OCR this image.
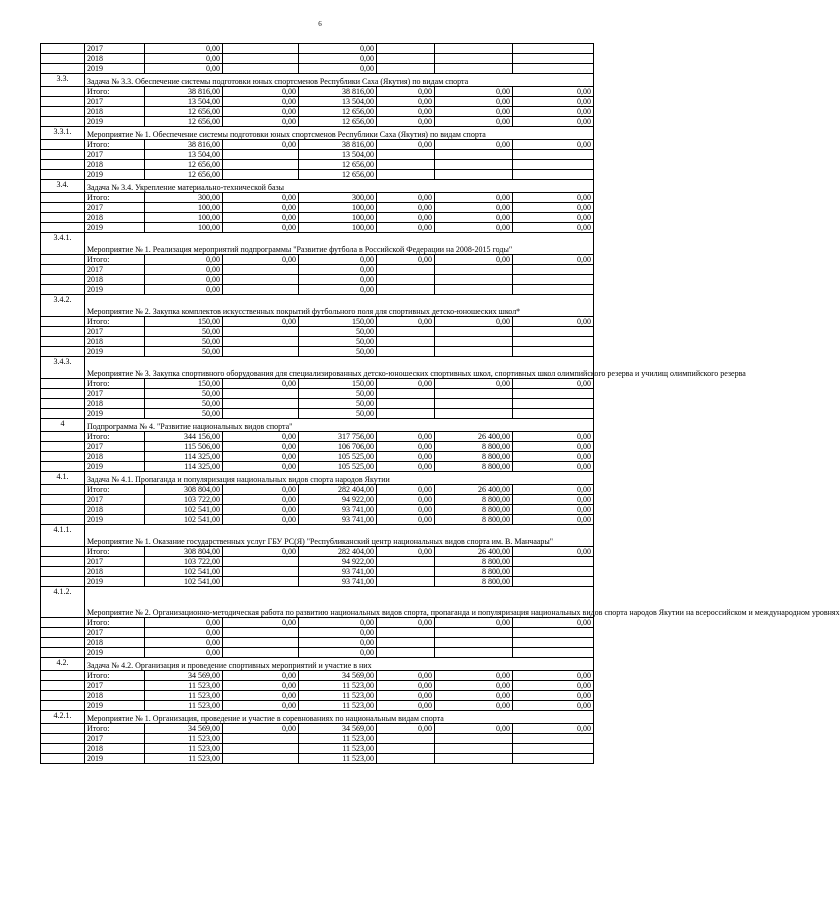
6
	2017	0,00		0,00			
	2018	0,00		0,00			
	2019	0,00		0,00			
3.3.	Задача № 3.3. Обеспечение системы подготовки юных спортсменов Республики Саха (Якутия) по видам спорта						
	Итого:	38 816,00	0,00	38 816,00	0,00	0,00	0,00
	2017	13 504,00	0,00	13 504,00	0,00	0,00	0,00
	2018	12 656,00	0,00	12 656,00	0,00	0,00	0,00
	2019	12 656,00	0,00	12 656,00	0,00	0,00	0,00
3.3.1.	Мероприятие № 1. Обеспечение системы подготовки юных спортсменов Республики Саха (Якутия) по видам спорта						
	Итого:	38 816,00	0,00	38 816,00	0,00	0,00	0,00
	2017	13 504,00		13 504,00			
	2018	12 656,00		12 656,00			
	2019	12 656,00		12 656,00			
3.4.	Задача № 3.4. Укрепление материально-технической базы						
	Итого:	300,00	0,00	300,00	0,00	0,00	0,00
	2017	100,00	0,00	100,00	0,00	0,00	0,00
	2018	100,00	0,00	100,00	0,00	0,00	0,00
	2019	100,00	0,00	100,00	0,00	0,00	0,00
3.4.1.	Мероприятие № 1. Реализация мероприятий подпрограммы "Развитие футбола в Российской Федерации на 2008-2015 годы"						
	Итого:	0,00	0,00	0,00	0,00	0,00	0,00
	2017	0,00		0,00			
	2018	0,00		0,00			
	2019	0,00		0,00			
3.4.2.	Мероприятие № 2. Закупка комплектов искусственных покрытий футбольного поля для спортивных детско-юношеских школ*						
	Итого:	150,00	0,00	150,00	0,00	0,00	0,00
	2017	50,00		50,00			
	2018	50,00		50,00			
	2019	50,00		50,00			
3.4.3.	Мероприятие № 3. Закупка спортивного оборудования для специализированных детско-юношеских спортивных школ, спортивных школ олимпийского резерва и училищ олимпийского резерва						
	Итого:	150,00	0,00	150,00	0,00	0,00	0,00
	2017	50,00		50,00			
	2018	50,00		50,00			
	2019	50,00		50,00			
4	Подпрограмма № 4. "Развитие национальных видов спорта"						
	Итого:	344 156,00	0,00	317 756,00	0,00	26 400,00	0,00
	2017	115 506,00	0,00	106 706,00	0,00	8 800,00	0,00
	2018	114 325,00	0,00	105 525,00	0,00	8 800,00	0,00
	2019	114 325,00	0,00	105 525,00	0,00	8 800,00	0,00
4.1.	Задача № 4.1. Пропаганда и популяризация национальных видов спорта народов Якутии						
	Итого:	308 804,00	0,00	282 404,00	0,00	26 400,00	0,00
	2017	103 722,00	0,00	94 922,00	0,00	8 800,00	0,00
	2018	102 541,00	0,00	93 741,00	0,00	8 800,00	0,00
	2019	102 541,00	0,00	93 741,00	0,00	8 800,00	0,00
4.1.1.	Мероприятие № 1. Оказание государственных услуг ГБУ РС(Я) "Республиканский центр национальных видов спорта им. В. Манчаары"						
	Итого:	308 804,00	0,00	282 404,00	0,00	26 400,00	0,00
	2017	103 722,00		94 922,00		8 800,00	
	2018	102 541,00		93 741,00		8 800,00	
	2019	102 541,00		93 741,00		8 800,00	
4.1.2.	Мероприятие № 2. Организационно-методическая работа по развитию национальных видов спорта, пропаганда и популяризация национальных видов спорта народов Якутии на всероссийском и международном уровнях						
	Итого:	0,00	0,00	0,00	0,00	0,00	0,00
	2017	0,00		0,00			
	2018	0,00		0,00			
	2019	0,00		0,00			
4.2.	Задача № 4.2. Организация и проведение спортивных мероприятий и участие в них						
	Итого:	34 569,00	0,00	34 569,00	0,00	0,00	0,00
	2017	11 523,00	0,00	11 523,00	0,00	0,00	0,00
	2018	11 523,00	0,00	11 523,00	0,00	0,00	0,00
	2019	11 523,00	0,00	11 523,00	0,00	0,00	0,00
4.2.1.	Мероприятие № 1. Организация, проведение и участие в соревнованиях по национальным видам спорта						
	Итого:	34 569,00	0,00	34 569,00	0,00	0,00	0,00
	2017	11 523,00		11 523,00			
	2018	11 523,00		11 523,00			
	2019	11 523,00		11 523,00			
